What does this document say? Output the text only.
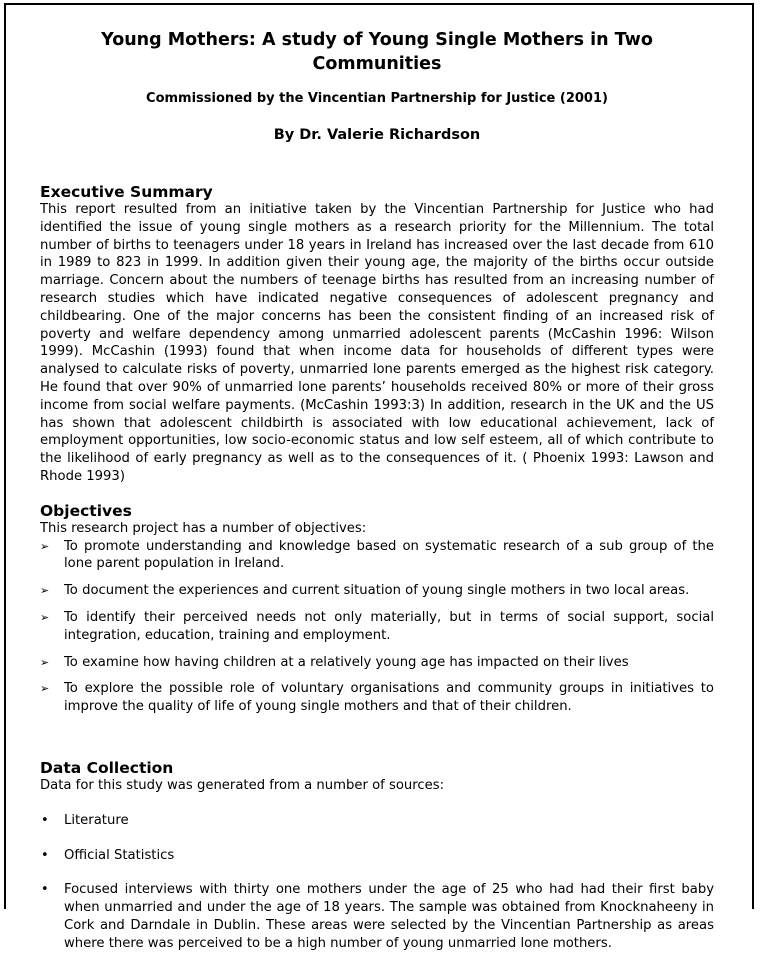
Young Mothers: A study of Young Single Mothers in Two Communities
Commissioned by the Vincentian Partnership for Justice (2001)
By Dr. Valerie Richardson
Executive Summary

This report resulted from an initiative taken by the Vincentian Partnership for Justice who had identified the issue of young single mothers as a research priority for the Millennium. The total number of births to teenagers under 18 years in Ireland has increased over the last decade from 610 in 1989 to 823 in 1999. In addition given their young age, the majority of the births occur outside marriage. Concern about the numbers of teenage births has resulted from an increasing number of research studies which have indicated negative consequences of adolescent pregnancy and childbearing. One of the major concerns has been the consistent finding of an increased risk of poverty and welfare dependency among unmarried adolescent parents (McCashin 1996: Wilson 1999). McCashin (1993) found that when income data for households of different types were analysed to calculate risks of poverty, unmarried lone parents emerged as the highest risk category. He found that over 90% of unmarried lone parents’ households received 80% or more of their gross income from social welfare payments. (McCashin 1993:3) In addition, research in the UK and the US has shown that adolescent childbirth is associated with low educational achievement, lack of employment opportunities, low socio-economic status and low self esteem, all of which contribute to the likelihood of early pregnancy as well as to the consequences of it. ( Phoenix 1993: Lawson and Rhode 1993)

Objectives

This research project has a number of objectives:

➢ To promote understanding and knowledge based on systematic research of a sub group of the lone parent population in Ireland.
➢ To document the experiences and current situation of young single mothers in two local areas.
➢ To identify their perceived needs not only materially, but in terms of social support, social integration, education, training and employment.
➢ To examine how having children at a relatively young age has impacted on their lives
➢ To explore the possible role of voluntary organisations and community groups in initiatives to improve the quality of life of young single mothers and that of their children.
Data Collection

Data for this study was generated from a number of sources:

• Literature
• Official Statistics
• Focused interviews with thirty one mothers under the age of 25 who had had their first baby when unmarried and under the age of 18 years. The sample was obtained from Knocknaheeny in Cork and Darndale in Dublin. These areas were selected by the Vincentian Partnership as areas where there was perceived to be a high number of young unmarried lone mothers.
